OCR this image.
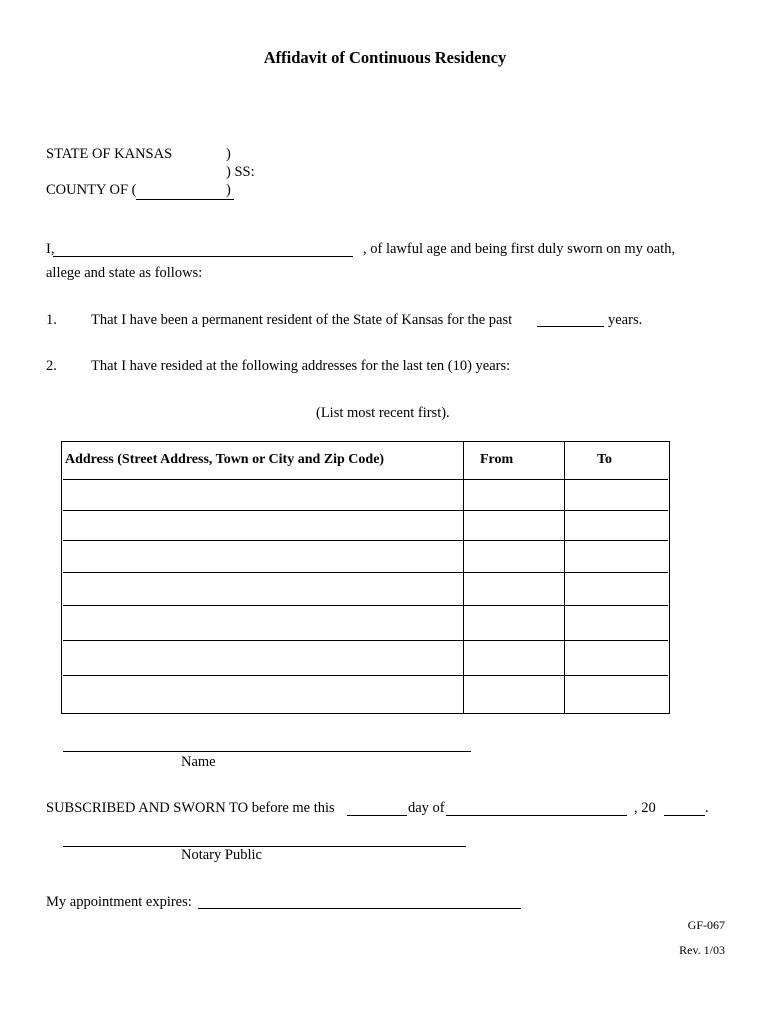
Affidavit of Continuous Residency
STATE OF KANSAS	)
) SS:
COUNTY OF (	)
I,	, of lawful age and being first duly sworn on my oath,
allege and state as follows:
1. That I have been a permanent resident of the State of Kansas for the past	years.
2. That I have resided at the following addresses for the last ten (10) years:
(List most recent first).
Address (Street Address, Town or City and Zip Code)	From	To
Name
SUBSCRIBED AND SWORN TO before me this	day of	, 20	.
Notary Public
My appointment expires:
GF-067
Rev. 1/03
